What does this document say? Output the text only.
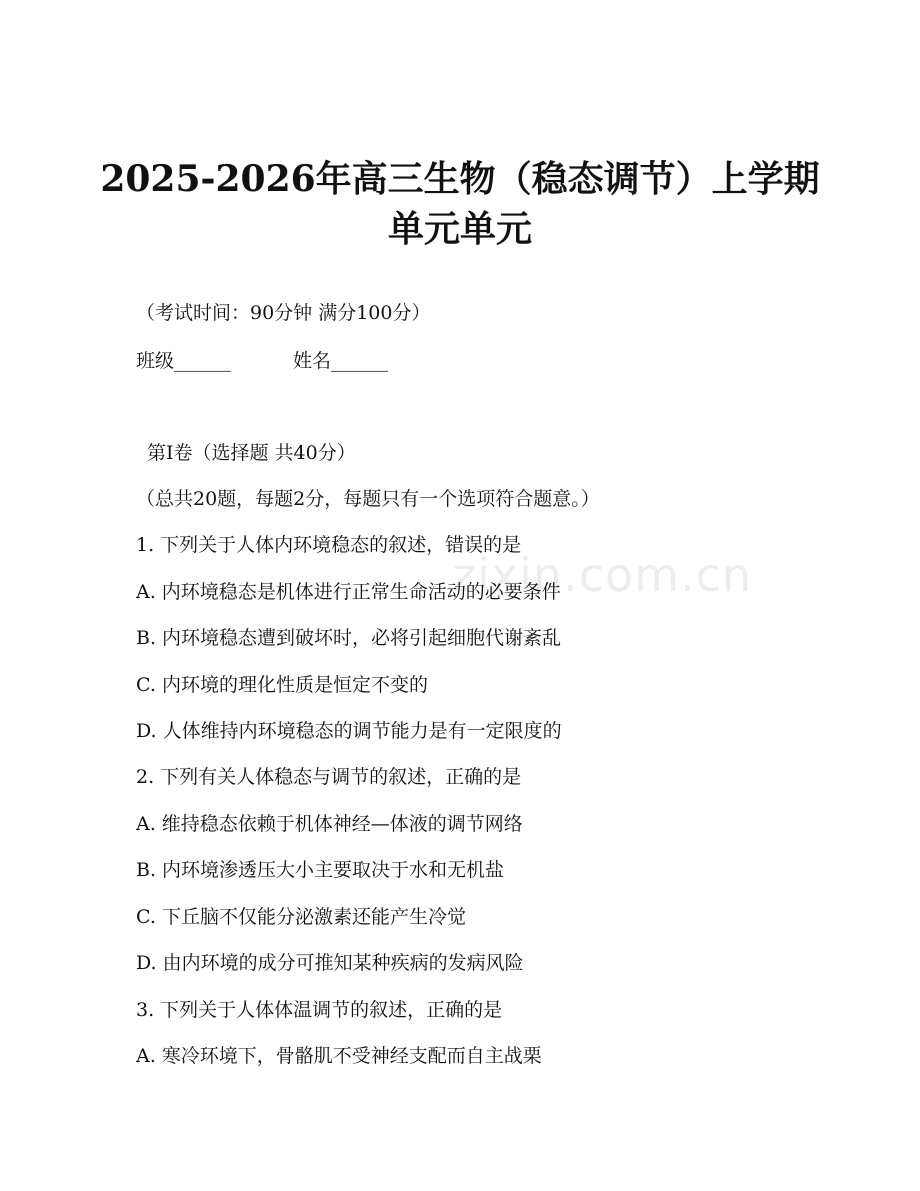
2025-2026年高三生物（稳态调节）上学期
单元单元
（考试时间：90分钟 满分100分）
班级______	姓名______
第Ⅰ卷（选择题 共40分）
（总共20题，每题2分，每题只有一个选项符合题意。）
1. 下列关于人体内环境稳态的叙述，错误的是
A. 内环境稳态是机体进行正常生命活动的必要条件
B. 内环境稳态遭到破坏时，必将引起细胞代谢紊乱
C. 内环境的理化性质是恒定不变的
D. 人体维持内环境稳态的调节能力是有一定限度的
2. 下列有关人体稳态与调节的叙述，正确的是
A. 维持稳态依赖于机体神经—体液的调节网络
B. 内环境渗透压大小主要取决于水和无机盐
C. 下丘脑不仅能分泌激素还能产生冷觉
D. 由内环境的成分可推知某种疾病的发病风险
3. 下列关于人体体温调节的叙述，正确的是
A. 寒冷环境下，骨骼肌不受神经支配而自主战栗
zixin.com.cn
